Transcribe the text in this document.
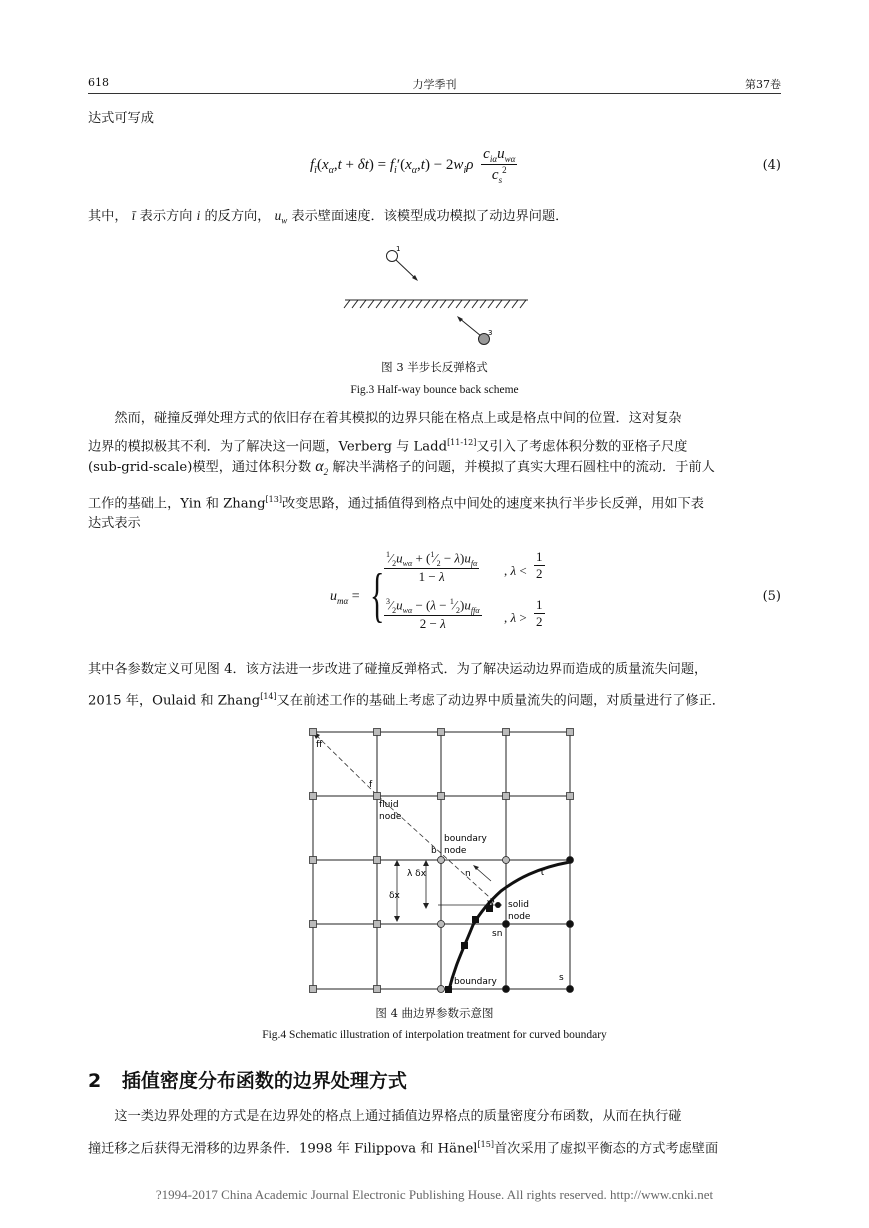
618	力学季刊	第37卷
达式可写成
$f_ī(x_\alpha,t + \delta t) = f_i'(x_\alpha,t) - 2w_i\rho$
$c_{i\alpha}u_{w\alpha}$
$c_s^2$	(4)
其中， ī 表示方向 i 的反方向， $u_w$ 表示壁面速度．该模型成功模拟了动边界问题．
1
3
图 3 半步长反弹格式
Fig.3 Half-way bounce back scheme
然而，碰撞反弹处理方式的依旧存在着其模拟的边界只能在格点上或是格点中间的位置．这对复杂
边界的模拟极其不利．为了解决这一问题，Verberg 与 Ladd[11-12]又引入了考虑体积分数的亚格子尺度
(sub-grid-scale)模型，通过体积分数 $\alpha_2$ 解决半满格子的问题，并模拟了真实大理石圆柱中的流动．于前人
工作的基础上，Yin 和 Zhang[13]改变思路，通过插值得到格点中间处的速度来执行半步长反弹，用如下表
达式表示
$u_{m\alpha}$ = {
$^1⁄_2u_{w\alpha}$ + $(^1⁄_2 - \lambda)u_{f\alpha}$
1 − λ	, λ <
1
2
$^3⁄_2u_{w\alpha} - (\lambda$ − $^1⁄_2)u_{ff\alpha}$
2 − λ	, λ >
1
2
(5)
其中各参数定义可见图 4．该方法进一步改进了碰撞反弹格式．为了解决运动边界而造成的质量流失问题，
2015 年，Oulaid 和 Zhang[14]又在前述工作的基础上考虑了动边界中质量流失的问题，对质量进行了修正．
ff
f
fluid
node
boundary
node
b
λ δx	n	τ
δx
w solid
node
sn
boundary	s
图 4 曲边界参数示意图
Fig.4 Schematic illustration of interpolation treatment for curved boundary
2 插值密度分布函数的边界处理方式
这一类边界处理的方式是在边界处的格点上通过插值边界格点的质量密度分布函数，从而在执行碰
撞迁移之后获得无滑移的边界条件．1998 年 Filippova 和 Hänel[15]首次采用了虚拟平衡态的方式考虑壁面
?1994-2017 China Academic Journal Electronic Publishing House. All rights reserved. http://www.cnki.net
